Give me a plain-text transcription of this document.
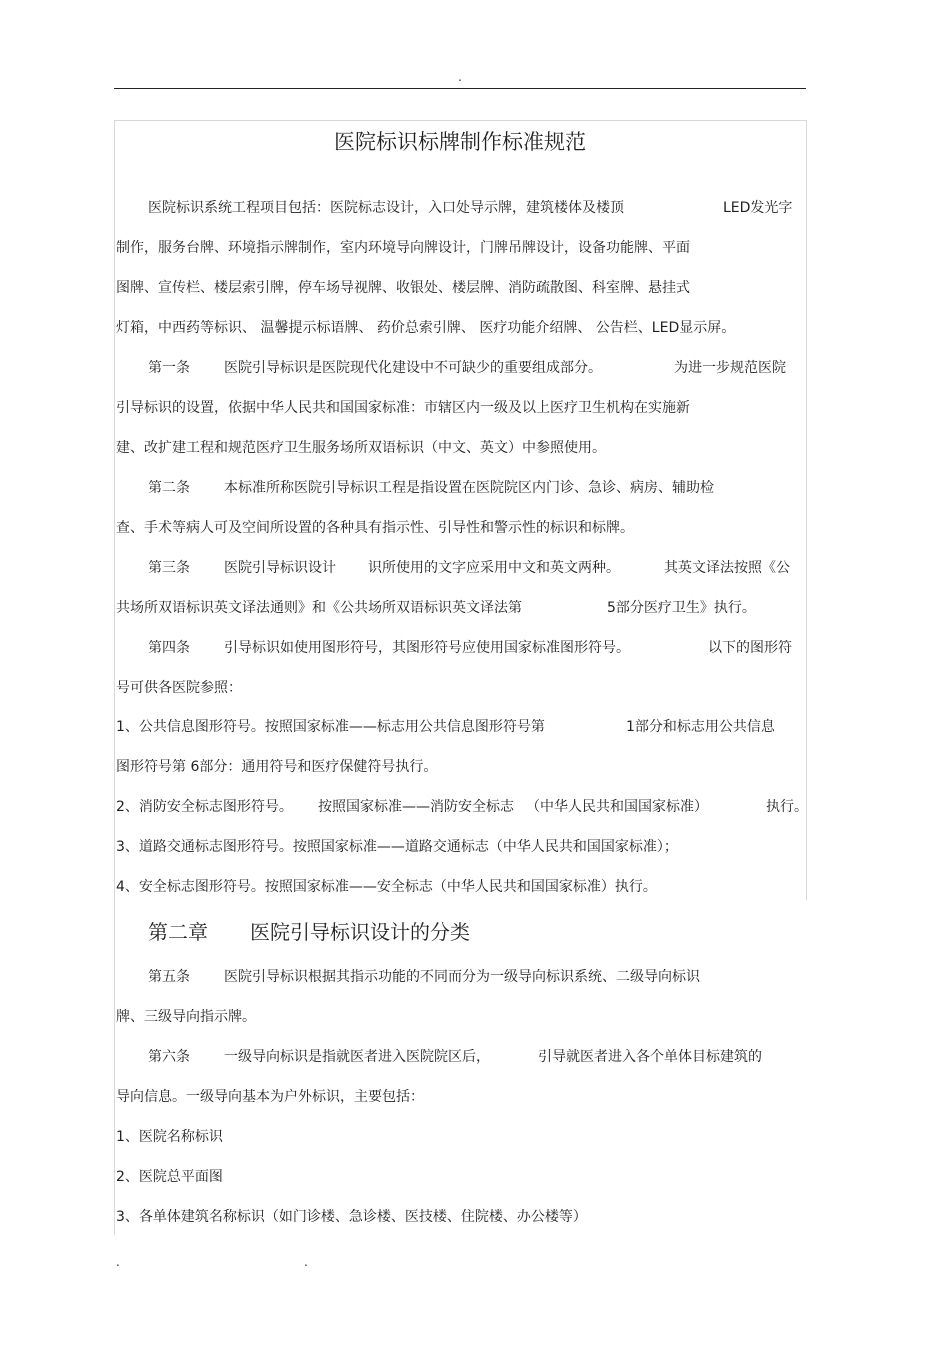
.
医院标识标牌制作标准规范
医院标识系统工程项目包括：医院标志设计，入口处导示牌，建筑楼体及楼顶	LED发光字
制作，服务台牌、环境指示牌制作，室内环境导向牌设计，门牌吊牌设计，设备功能牌、平面
图牌、宣传栏、楼层索引牌，停车场导视牌、收银处、楼层牌、消防疏散图、科室牌、悬挂式
灯箱，中西药等标识、 温馨提示标语牌、 药价总索引牌、 医疗功能介绍牌、 公告栏、LED显示屏。
第一条 医院引导标识是医院现代化建设中不可缺少的重要组成部分。	为进一步规范医院
引导标识的设置，依据中华人民共和国国家标准：市辖区内一级及以上医疗卫生机构在实施新
建、改扩建工程和规范医疗卫生服务场所双语标识（中文、英文）中参照使用。
第二条 本标准所称医院引导标识工程是指设置在医院院区内门诊、急诊、病房、辅助检
查、手术等病人可及空间所设置的各种具有指示性、引导性和警示性的标识和标牌。
第三条 医院引导标识设计 识所使用的文字应采用中文和英文两种。	其英文译法按照《公
共场所双语标识英文译法通则》和《公共场所双语标识英文译法第	5部分医疗卫生》执行。
第四条 引导标识如使用图形符号，其图形符号应使用国家标准图形符号。	以下的图形符
号可供各医院参照：
1、公共信息图形符号。按照国家标准——标志用公共信息图形符号第	1部分和标志用公共信息
图形符号第 6部分：通用符号和医疗保健符号执行。
2、消防安全标志图形符号。 按照国家标准——消防安全标志 （中华人民共和国国家标准）	执行。
3、道路交通标志图形符号。按照国家标准——道路交通标志（中华人民共和国国家标准）；
4、安全标志图形符号。按照国家标准——安全标志（中华人民共和国国家标准）执行。
第二章 医院引导标识设计的分类
第五条 医院引导标识根据其指示功能的不同而分为一级导向标识系统、二级导向标识
牌、三级导向指示牌。
第六条 一级导向标识是指就医者进入医院院区后，	引导就医者进入各个单体目标建筑的
导向信息。一级导向基本为户外标识，主要包括：
1、医院名称标识
2、医院总平面图
3、各单体建筑名称标识（如门诊楼、急诊楼、医技楼、住院楼、办公楼等）
.	.
